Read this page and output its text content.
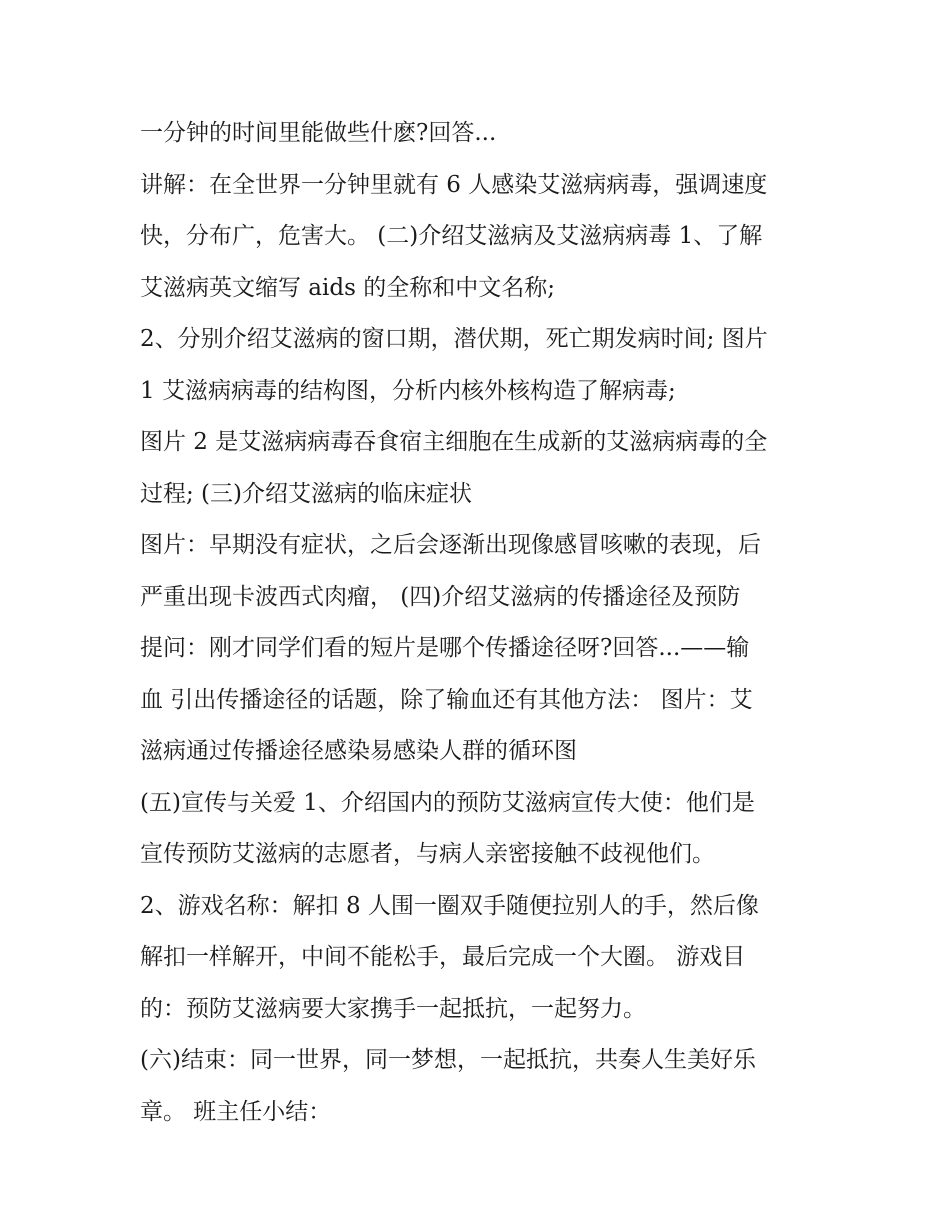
一分钟的时间里能做些什麽?回答...
讲解：在全世界一分钟里就有 6 人感染艾滋病病毒，强调速度
快，分布广，危害大。 (二)介绍艾滋病及艾滋病病毒 1、了解
艾滋病英文缩写 aids 的全称和中文名称;
2、分别介绍艾滋病的窗口期，潜伏期，死亡期发病时间; 图片
1 艾滋病病毒的结构图，分析内核外核构造了解病毒;
图片 2 是艾滋病病毒吞食宿主细胞在生成新的艾滋病病毒的全
过程; (三)介绍艾滋病的临床症状
图片：早期没有症状，之后会逐渐出现像感冒咳嗽的表现，后
严重出现卡波西式肉瘤， (四)介绍艾滋病的传播途径及预防
提问：刚才同学们看的短片是哪个传播途径呀?回答...——输
血 引出传播途径的话题，除了输血还有其他方法： 图片：艾
滋病通过传播途径感染易感染人群的循环图
(五)宣传与关爱 1、介绍国内的预防艾滋病宣传大使：他们是
宣传预防艾滋病的志愿者，与病人亲密接触不歧视他们。
2、游戏名称：解扣 8 人围一圈双手随便拉别人的手，然后像
解扣一样解开，中间不能松手，最后完成一个大圈。 游戏目
的：预防艾滋病要大家携手一起抵抗，一起努力。
(六)结束：同一世界，同一梦想，一起抵抗，共奏人生美好乐
章。 班主任小结：
